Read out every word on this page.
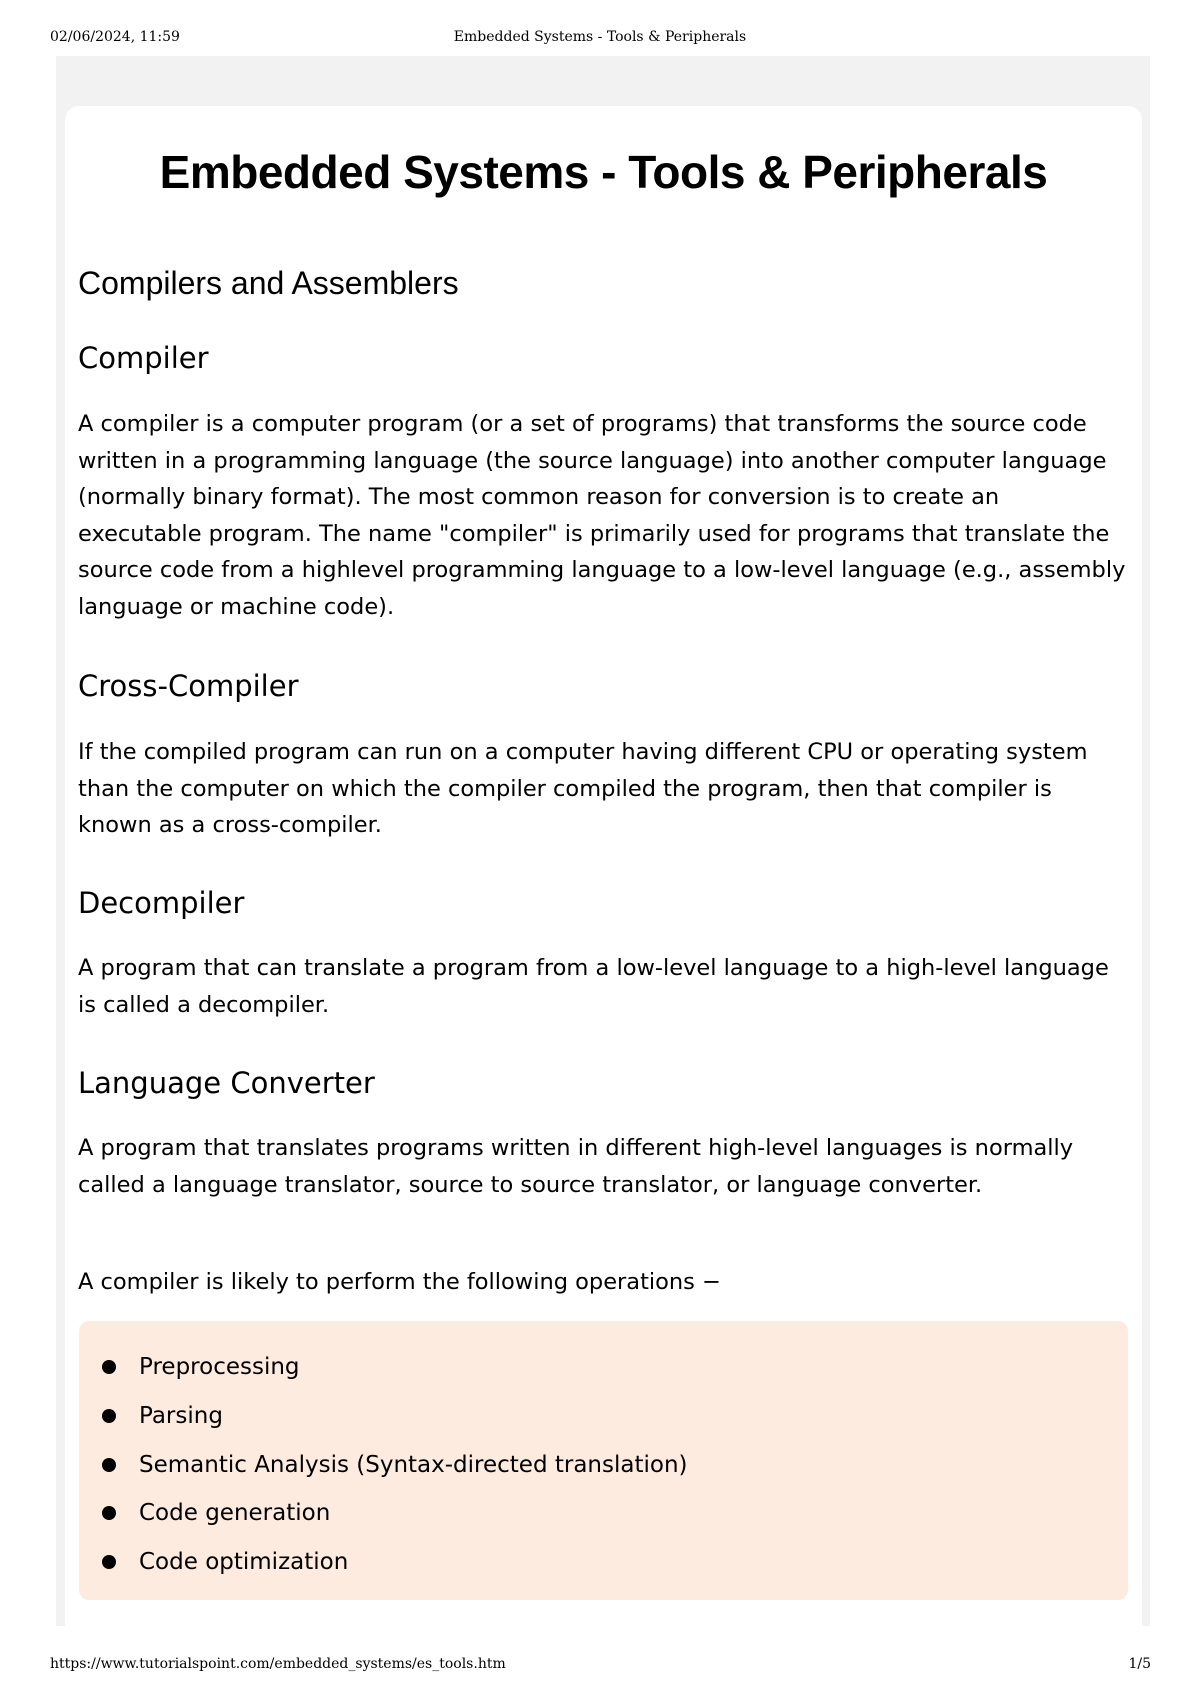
02/06/2024, 11:59	Embedded Systems - Tools & Peripherals
Embedded Systems - Tools & Peripherals
Compilers and Assemblers
Compiler

A compiler is a computer program (or a set of programs) that transforms the source code written in a programming language (the source language) into another computer language (normally binary format). The most common reason for conversion is to create an executable program. The name "compiler" is primarily used for programs that translate the source code from a highlevel programming language to a low-level language (e.g., assembly language or machine code).

Cross-Compiler

If the compiled program can run on a computer having different CPU or operating system than the computer on which the compiler compiled the program, then that compiler is known as a cross-compiler.

Decompiler

A program that can translate a program from a low-level language to a high-level language is called a decompiler.

Language Converter

A program that translates programs written in different high-level languages is normally called a language translator, source to source translator, or language converter.

A compiler is likely to perform the following operations −

Preprocessing
Parsing
Semantic Analysis (Syntax-directed translation)
Code generation
Code optimization
https://www.tutorialspoint.com/embedded_systems/es_tools.htm	1/5
